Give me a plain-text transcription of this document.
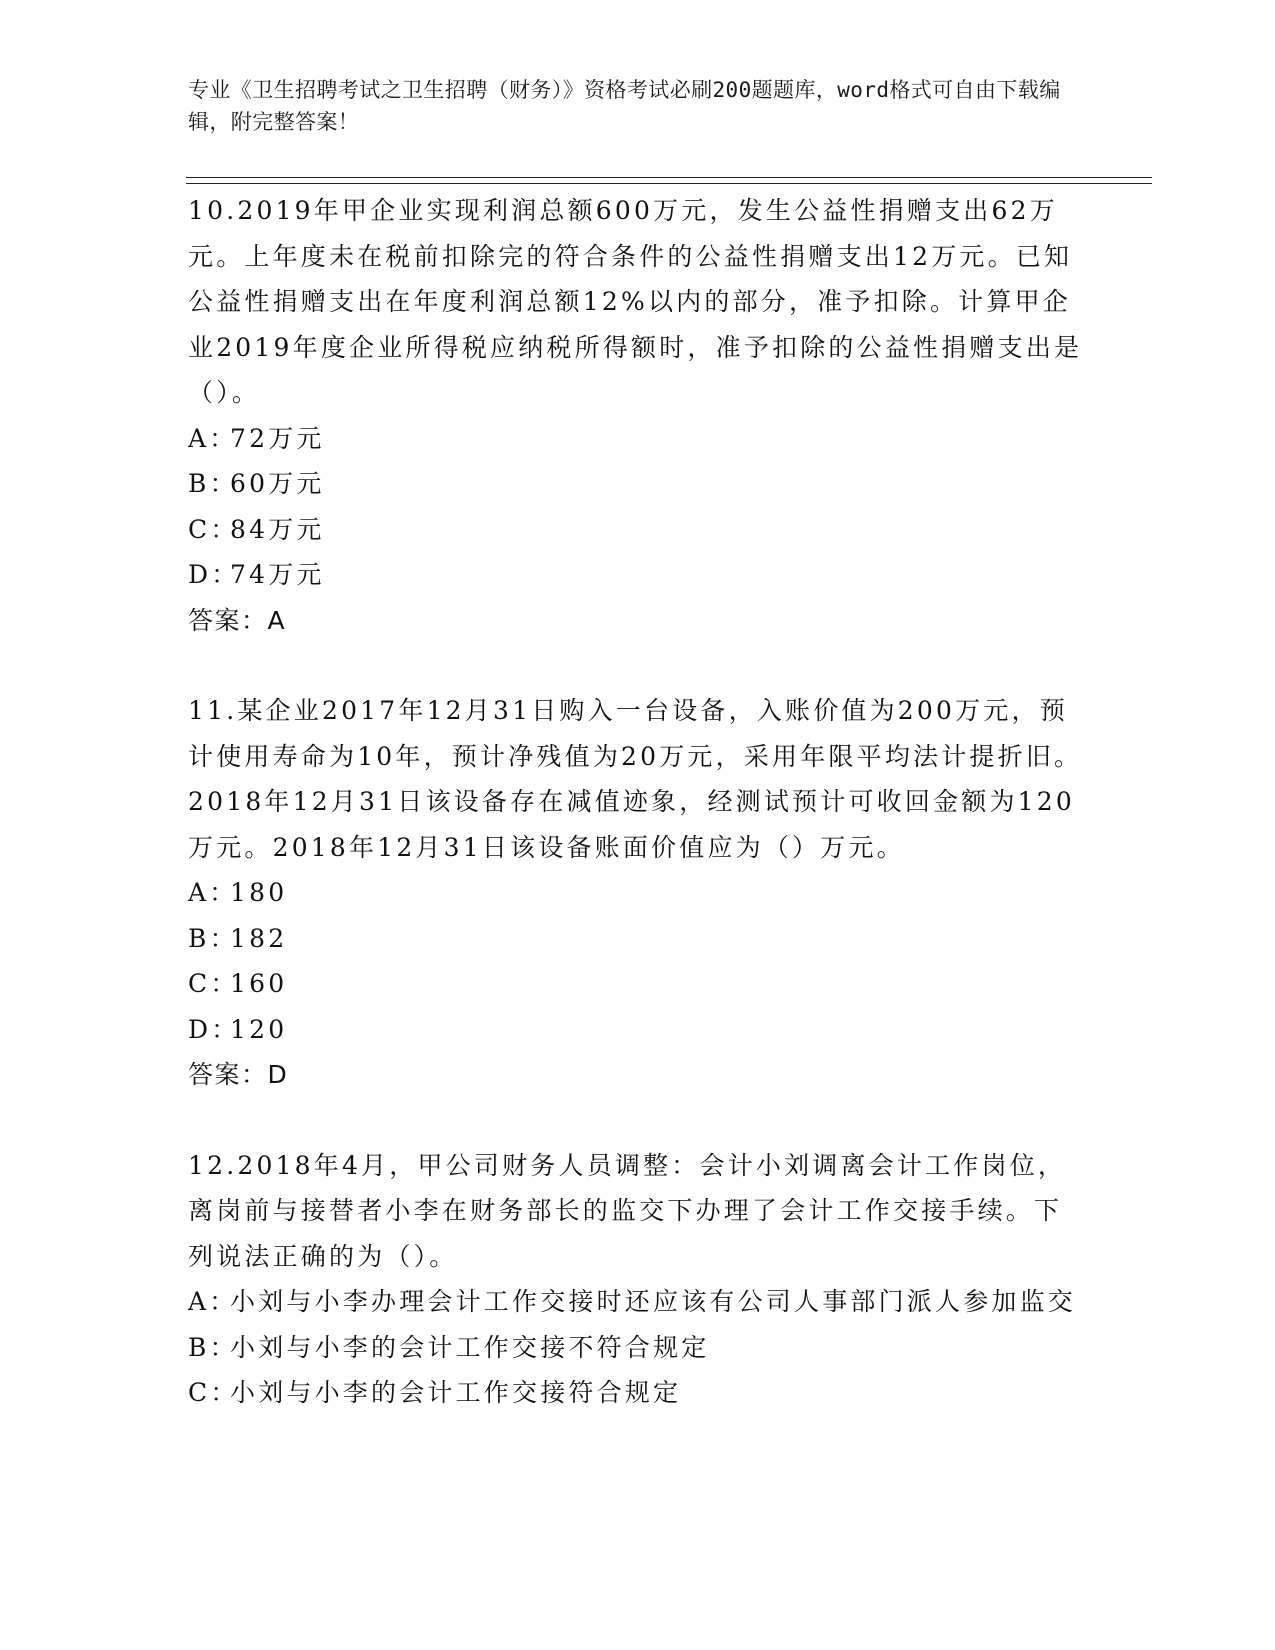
专业《卫生招聘考试之卫生招聘（财务）》资格考试必刷200题题库，word格式可自由下载编辑，附完整答案！

10.2019年甲企业实现利润总额600万元，发生公益性捐赠支出62万元。上年度未在税前扣除完的符合条件的公益性捐赠支出12万元。已知公益性捐赠支出在年度利润总额12%以内的部分，准予扣除。计算甲企业2019年度企业所得税应纳税所得额时，准予扣除的公益性捐赠支出是（）。

A：
72万元
B：
60万元
C：
84万元
D：
74万元

答案：A

11.某企业2017年12月31日购入一台设备，入账价值为200万元，预计使用寿命为10年，预计净残值为20万元，采用年限平均法计提折旧。2018年12月31日该设备存在减值迹象，经测试预计可收回金额为120万元。2018年12月31日该设备账面价值应为（）万元。

A：
180
B：
182
C：
160
D：
120

答案：D

12.2018年4月，甲公司财务人员调整：会计小刘调离会计工作岗位，离岗前与接替者小李在财务部长的监交下办理了会计工作交接手续。下列说法正确的为（）。

A：
小刘与小李办理会计工作交接时还应该有公司人事部门派人参加监交
B：
小刘与小李的会计工作交接不符合规定
C：
小刘与小李的会计工作交接符合规定
